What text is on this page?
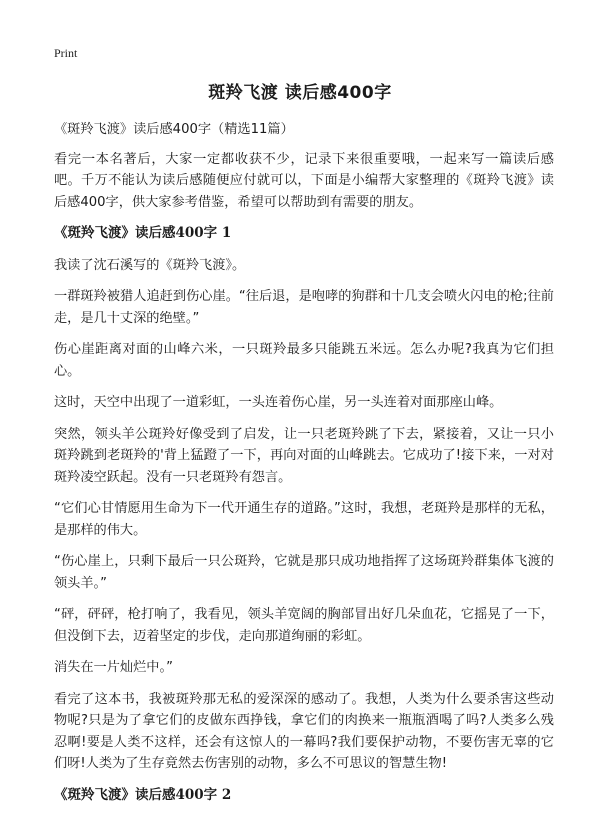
Print
斑羚飞渡 读后感400字

《斑羚飞渡》读后感400字（精选11篇）

看完一本名著后，大家一定都收获不少，记录下来很重要哦，一起来写一篇读后感吧。千万不能认为读后感随便应付就可以，下面是小编帮大家整理的《斑羚飞渡》读后感400字，供大家参考借鉴，希望可以帮助到有需要的朋友。

《斑羚飞渡》读后感400字 1

我读了沈石溪写的《斑羚飞渡》。

一群斑羚被猎人追赶到伤心崖。“往后退，是咆哮的狗群和十几支会喷火闪电的枪;往前走，是几十丈深的绝壁。”

伤心崖距离对面的山峰六米，一只斑羚最多只能跳五米远。怎么办呢?我真为它们担心。

这时，天空中出现了一道彩虹，一头连着伤心崖，另一头连着对面那座山峰。

突然，领头羊公斑羚好像受到了启发，让一只老斑羚跳了下去，紧接着，又让一只小斑羚跳到老斑羚的'背上猛蹬了一下，再向对面的山峰跳去。它成功了!接下来，一对对斑羚凌空跃起。没有一只老斑羚有怨言。

“它们心甘情愿用生命为下一代开通生存的道路。”这时，我想，老斑羚是那样的无私，是那样的伟大。

“伤心崖上，只剩下最后一只公斑羚，它就是那只成功地指挥了这场斑羚群集体飞渡的领头羊。”

“砰，砰砰，枪打响了，我看见，领头羊宽阔的胸部冒出好几朵血花，它摇晃了一下，但没倒下去，迈着坚定的步伐，走向那道绚丽的彩虹。

消失在一片灿烂中。”

看完了这本书，我被斑羚那无私的爱深深的感动了。我想，人类为什么要杀害这些动物呢?只是为了拿它们的皮做东西挣钱，拿它们的肉换来一瓶瓶酒喝了吗?人类多么残忍啊!要是人类不这样，还会有这惊人的一幕吗?我们要保护动物，不要伤害无辜的它们呀!人类为了生存竟然去伤害别的动物，多么不可思议的智慧生物!

《斑羚飞渡》读后感400字 2
